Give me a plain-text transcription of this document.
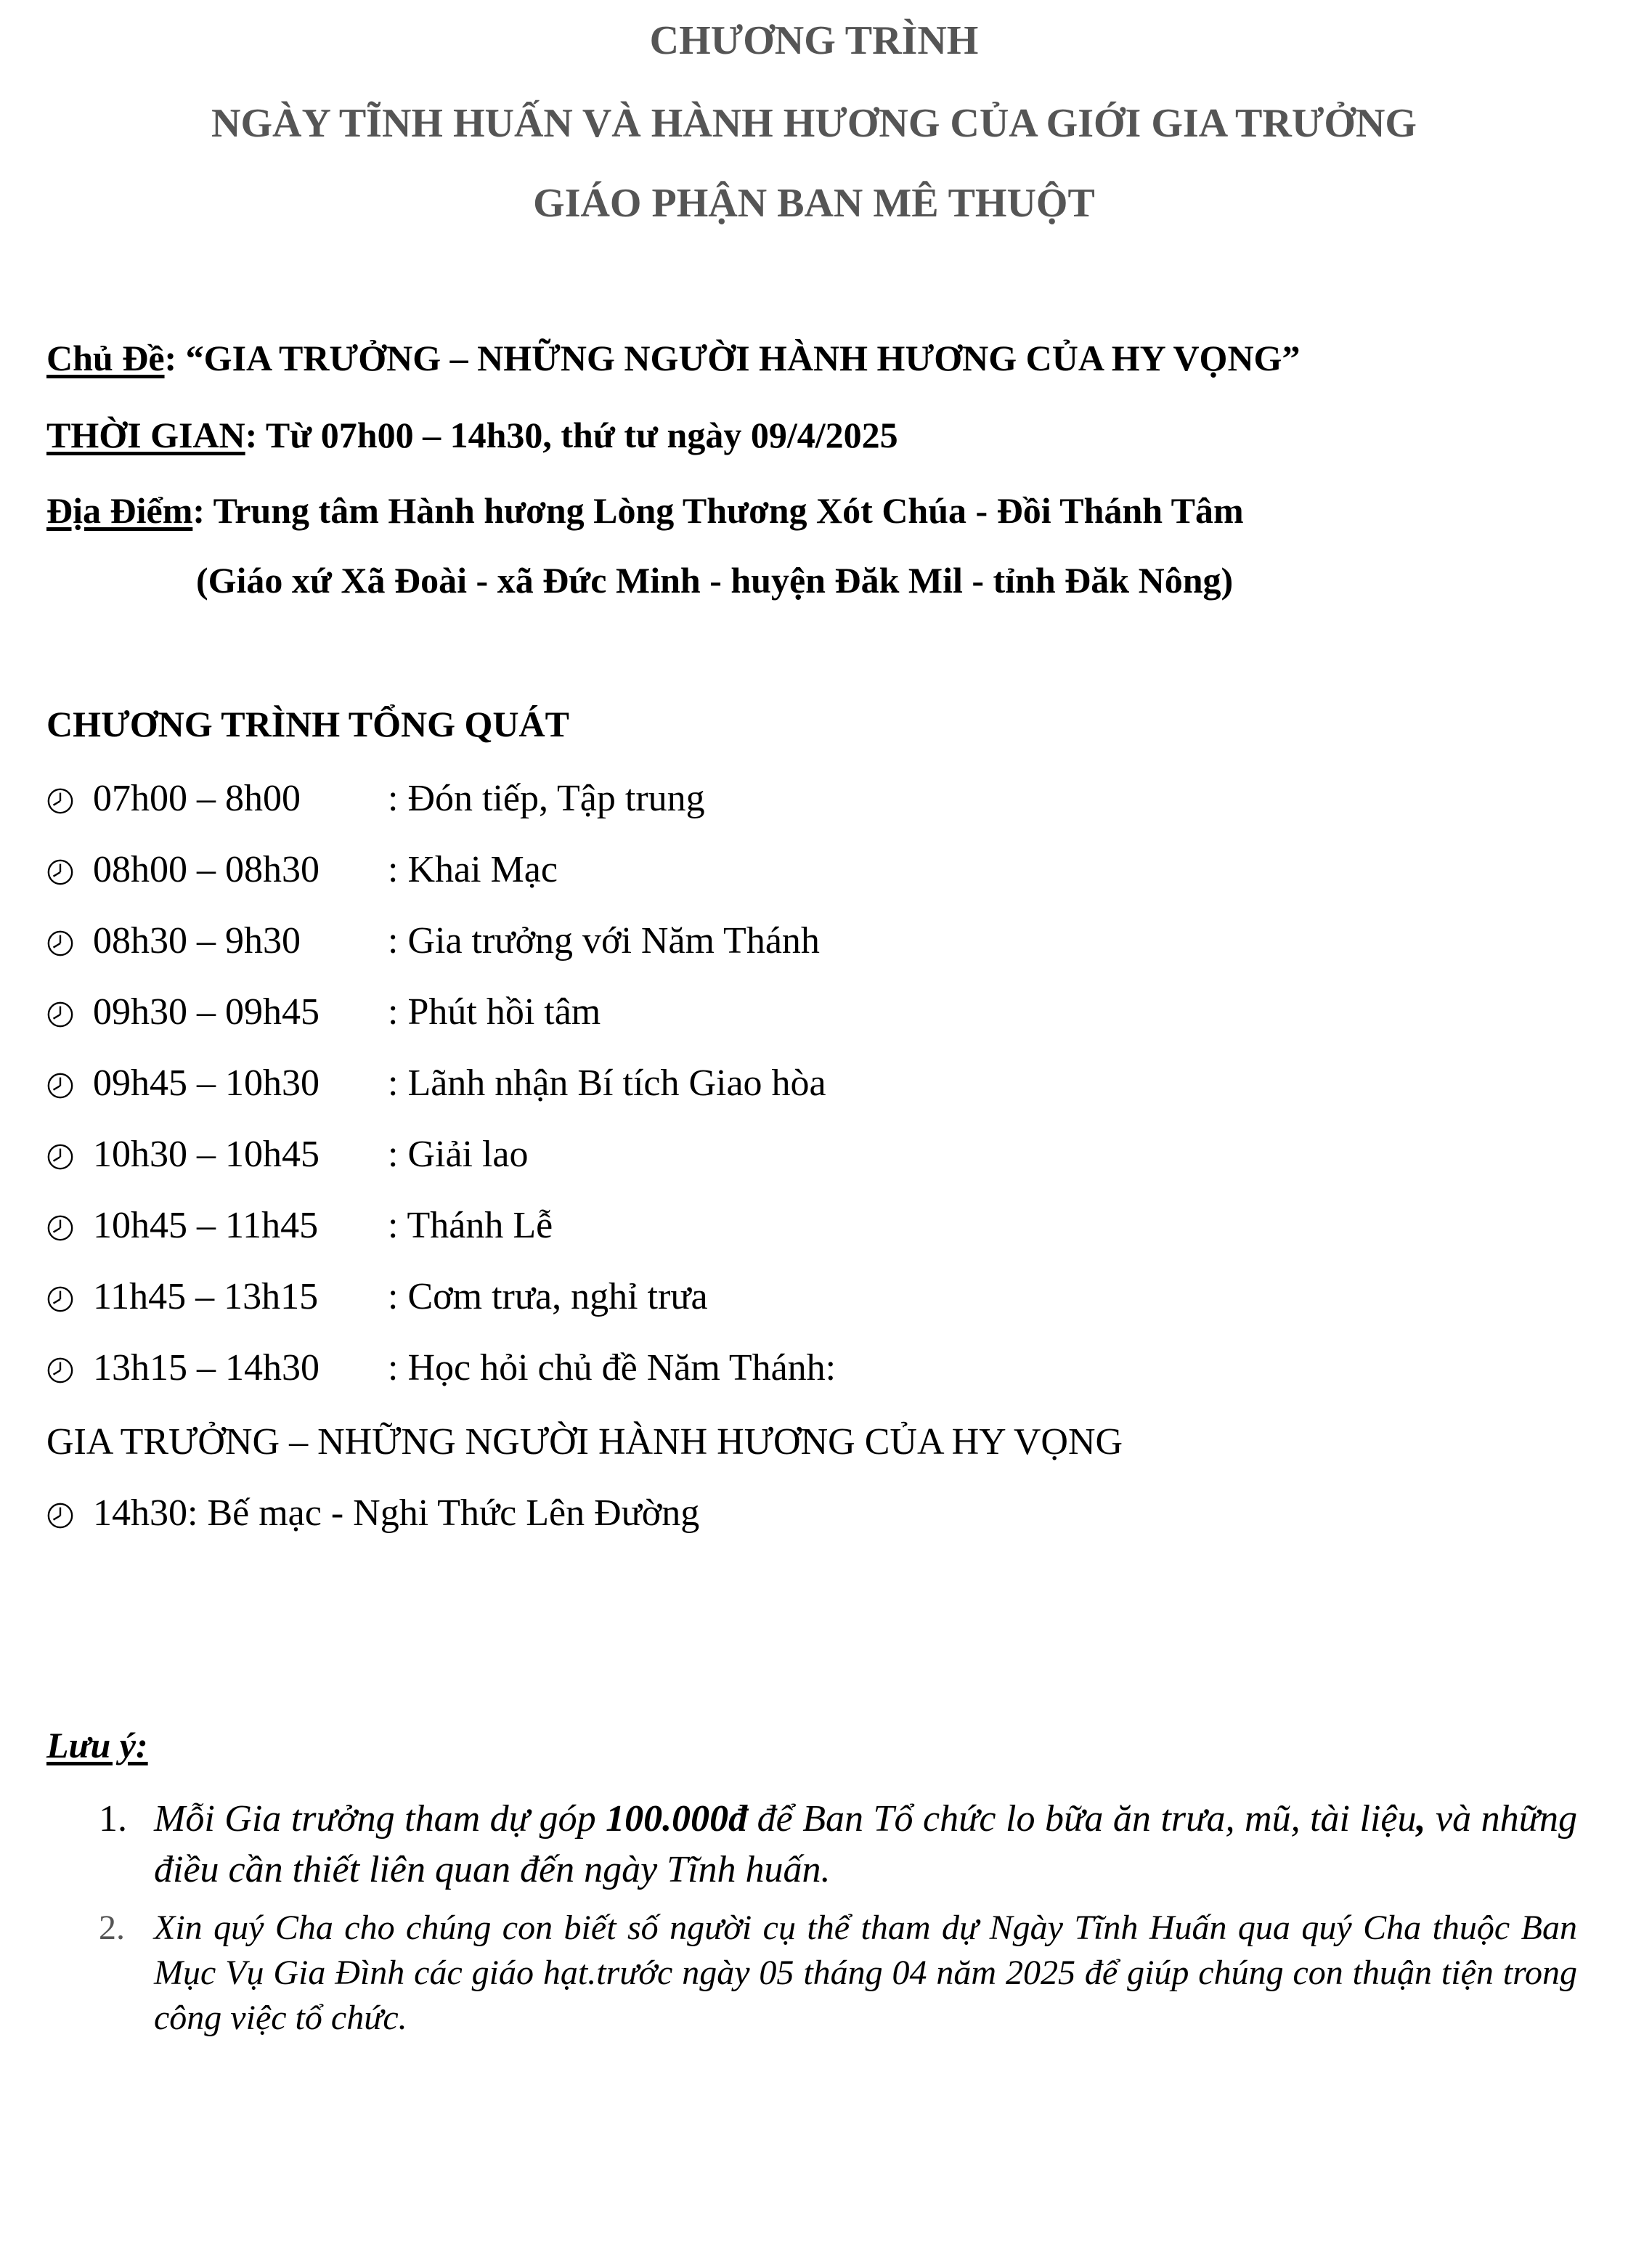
CHƯƠNG TRÌNH
NGÀY TĨNH HUẤN VÀ HÀNH HƯƠNG CỦA GIỚI GIA TRƯỞNG
GIÁO PHẬN BAN MÊ THUỘT
Chủ Đề: “GIA TRƯỞNG – NHỮNG NGƯỜI HÀNH HƯƠNG CỦA HY VỌNG”
THỜI GIAN: Từ 07h00 – 14h30, thứ tư ngày 09/4/2025
Địa Điểm: Trung tâm Hành hương Lòng Thương Xót Chúa - Đồi Thánh Tâm
(Giáo xứ Xã Đoài - xã Đức Minh - huyện Đăk Mil - tỉnh Đăk Nông)
CHƯƠNG TRÌNH TỔNG QUÁT
07h00 – 8h00 : Đón tiếp, Tập trung
08h00 – 08h30 : Khai Mạc
08h30 – 9h30 : Gia trưởng với Năm Thánh
09h30 – 09h45 : Phút hồi tâm
09h45 – 10h30 : Lãnh nhận Bí tích Giao hòa
10h30 – 10h45 : Giải lao
10h45 – 11h45 : Thánh Lễ
11h45 – 13h15 : Cơm trưa, nghỉ trưa
13h15 – 14h30 : Học hỏi chủ đề Năm Thánh:
GIA TRƯỞNG – NHỮNG NGƯỜI HÀNH HƯƠNG CỦA HY VỌNG
14h30: Bế mạc - Nghi Thức Lên Đường
Lưu ý:
1. Mỗi Gia trưởng tham dự góp 100.000đ để Ban Tổ chức lo bữa ăn trưa, mũ, tài liệu, và những điều cần thiết liên quan đến ngày Tĩnh huấn.
2. Xin quý Cha cho chúng con biết số người cụ thể tham dự Ngày Tĩnh Huấn qua quý Cha thuộc Ban Mục Vụ Gia Đình các giáo hạt.trước ngày 05 tháng 04 năm 2025 để giúp chúng con thuận tiện trong công việc tổ chức.
